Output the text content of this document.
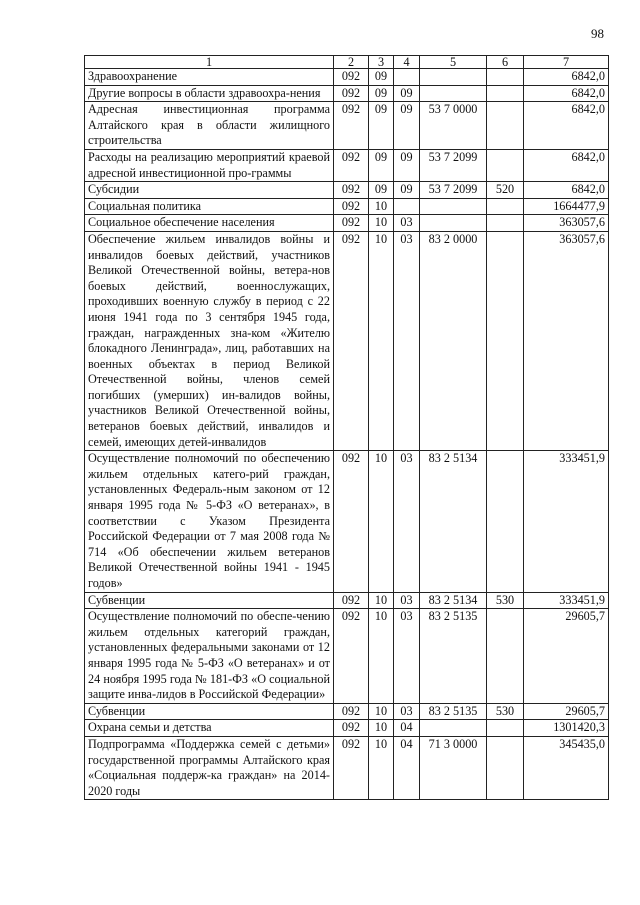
98
1	2	3	4	5	6	7
Здравоохранение	092	09				6842,0
Другие вопросы в области здравоохра-нения	092	09	09			6842,0
Адресная инвестиционная программа Алтайского края в области жилищного строительства	092	09	09	53 7 0000		6842,0
Расходы на реализацию мероприятий краевой адресной инвестиционной про-граммы	092	09	09	53 7 2099		6842,0
Субсидии	092	09	09	53 7 2099	520	6842,0
Социальная политика	092	10				1664477,9
Социальное обеспечение населения	092	10	03			363057,6
Обеспечение жильем инвалидов войны и инвалидов боевых действий, участников Великой Отечественной войны, ветера-нов боевых действий, военнослужащих, проходивших военную службу в период с 22 июня 1941 года по 3 сентября 1945 года, граждан, награжденных зна-ком «Жителю блокадного Ленинграда», лиц, работавших на военных объектах в период Великой Отечественной войны, членов семей погибших (умерших) ин-валидов войны, участников Великой Отечественной войны, ветеранов боевых действий, инвалидов и семей, имеющих детей-инвалидов	092	10	03	83 2 0000		363057,6
Осуществление полномочий по обеспечению жильем отдельных катего-рий граждан, установленных Федераль-ным законом от 12 января 1995 года № 5-ФЗ «О ветеранах», в соответствии с Указом Президента Российской Федерации от 7 мая 2008 года № 714 «Об обеспечении жильем ветеранов Великой Отечественной войны 1941 - 1945 годов»	092	10	03	83 2 5134		333451,9
Субвенции	092	10	03	83 2 5134	530	333451,9
Осуществление полномочий по обеспе-чению жильем отдельных категорий граждан, установленных федеральными законами от 12 января 1995 года № 5-ФЗ «О ветеранах» и от 24 ноября 1995 года № 181-ФЗ «О социальной защите инва-лидов в Российской Федерации»	092	10	03	83 2 5135		29605,7
Субвенции	092	10	03	83 2 5135	530	29605,7
Охрана семьи и детства	092	10	04			1301420,3
Подпрограмма «Поддержка семей с детьми» государственной программы Алтайского края «Социальная поддерж-ка граждан» на 2014-2020 годы	092	10	04	71 3 0000		345435,0
